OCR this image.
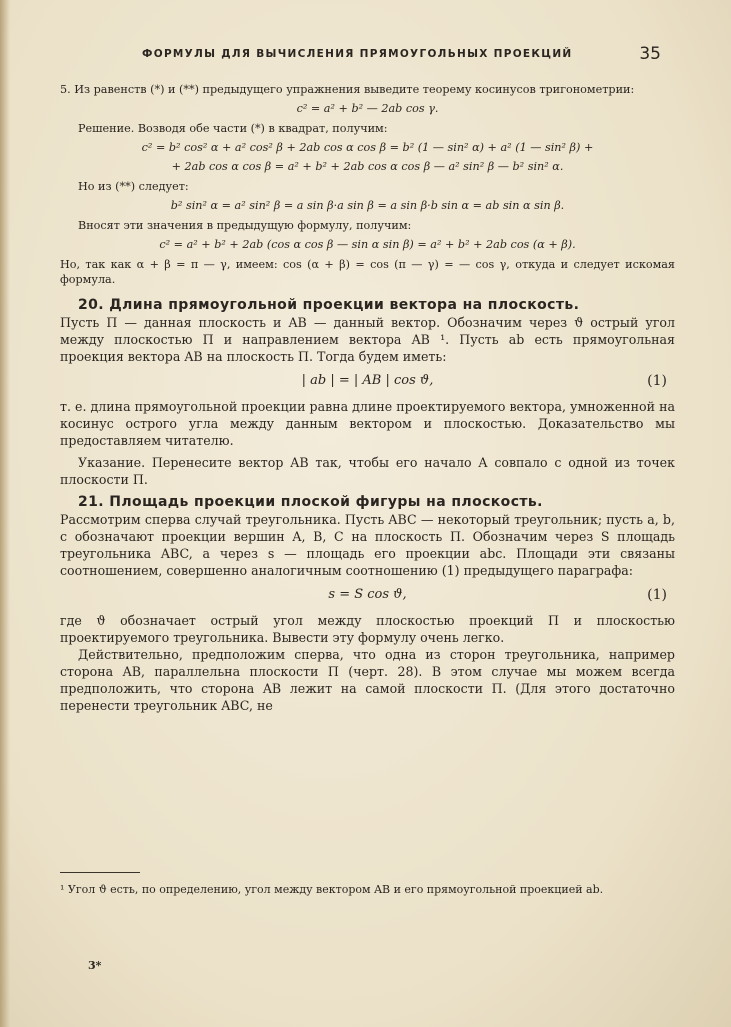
ФОРМУЛЫ ДЛЯ ВЫЧИСЛЕНИЯ ПРЯМОУГОЛЬНЫХ ПРОЕКЦИЙ	35

5. Из равенств (*) и (**) предыдущего упражнения выведите теорему косинусов тригонометрии:

c² = a² + b² — 2ab cos γ.

Решение. Возводя обе части (*) в квадрат, получим:

c² = b² cos² α + a² cos² β + 2ab cos α cos β = b² (1 — sin² α) + a² (1 — sin² β) +
+ 2ab cos α cos β = a² + b² + 2ab cos α cos β — a² sin² β — b² sin² α.

Но из (**) следует:

b² sin² α = a² sin² β = a sin β·a sin β = a sin β·b sin α = ab sin α sin β.

Вносят эти значения в предыдущую формулу, получим:

c² = a² + b² + 2ab (cos α cos β — sin α sin β) = a² + b² + 2ab cos (α + β).

Но, так как α + β = π — γ, имеем: cos (α + β) = cos (π — γ) = — cos γ, откуда и следует искомая формула.

20. Длина прямоугольной проекции вектора на плоскость.

Пусть Π — данная плоскость и AB — данный вектор. Обозначим через ϑ острый угол между плоскостью Π и направлением вектора AB ¹. Пусть ab есть прямоугольная проекция вектора AB на плоскость Π. Тогда будем иметь:

| ab | = | AB | cos ϑ,	(1)

т. е. длина прямоугольной проекции равна длине проектируемого вектора, умноженной на косинус острого угла между данным вектором и плоскостью. Доказательство мы предоставляем читателю.

Указание. Перенесите вектор AB так, чтобы его начало A совпало с одной из точек плоскости Π.

21. Площадь проекции плоской фигуры на плоскость.

Рассмотрим сперва случай треугольника. Пусть ABC — некоторый треугольник; пусть a, b, c обозначают проекции вершин A, B, C на плоскость Π. Обозначим через S площадь треугольника ABC, а через s — площадь его проекции abc. Площади эти связаны соотношением, совершенно аналогичным соотношению (1) предыдущего параграфа:

s = S cos ϑ,	(1)

где ϑ обозначает острый угол между плоскостью проекций Π и плоскостью проектируемого треугольника. Вывести эту формулу очень легко.

Действительно, предположим сперва, что одна из сторон треугольника, например сторона AB, параллельна плоскости Π (черт. 28). В этом случае мы можем всегда предположить, что сторона AB лежит на самой плоскости Π. (Для этого достаточно перенести треугольник ABC, не

¹ Угол ϑ есть, по определению, угол между вектором AB и его прямоугольной проекцией ab.
3*
